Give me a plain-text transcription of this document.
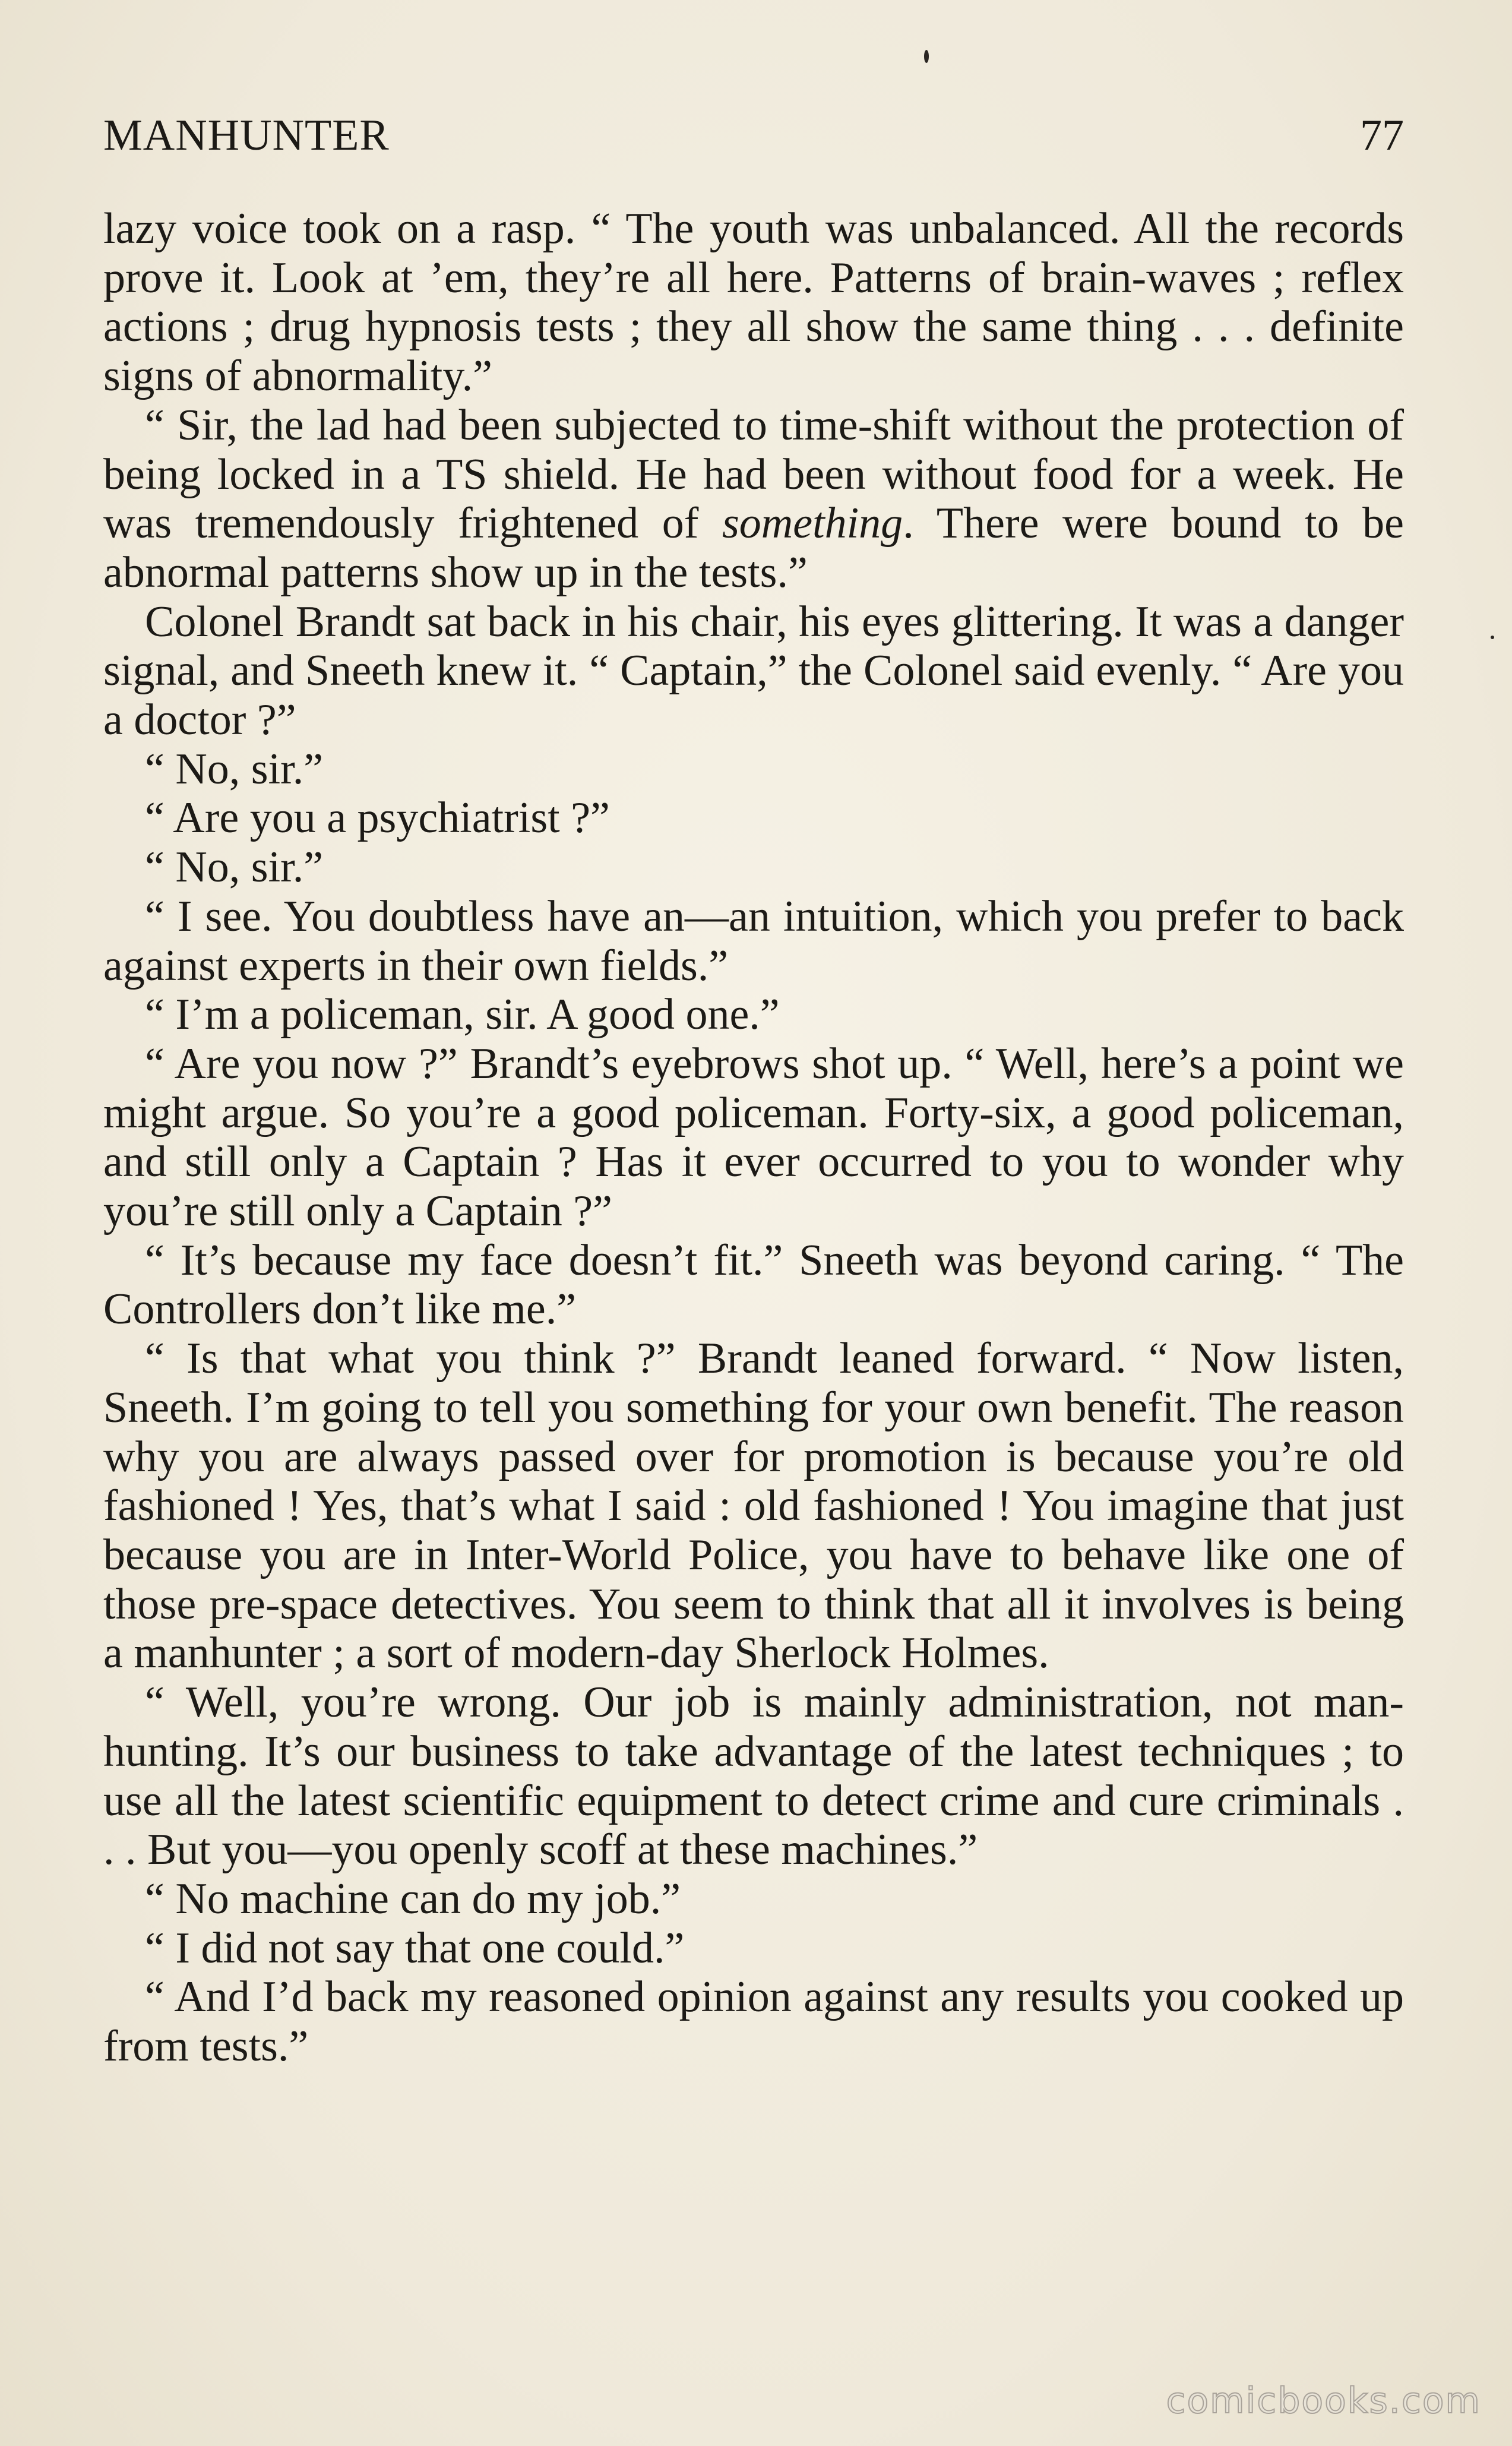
MANHUNTER	77

lazy voice took on a rasp. “ The youth was unbalanced. All the records prove it. Look at ’em, they’re all here. Patterns of brain-waves ; reflex actions ; drug hypnosis tests ; they all show the same thing . . . definite signs of abnormality.”

“ Sir, the lad had been subjected to time-shift without the protection of being locked in a TS shield. He had been without food for a week. He was tremendously frightened of something. There were bound to be abnormal patterns show up in the tests.”

Colonel Brandt sat back in his chair, his eyes glittering. It was a danger signal, and Sneeth knew it. “ Captain,” the Colonel said evenly. “ Are you a doctor ?”

“ No, sir.”

“ Are you a psychiatrist ?”

“ No, sir.”

“ I see. You doubtless have an—an intuition, which you prefer to back against experts in their own fields.”

“ I’m a policeman, sir. A good one.”

“ Are you now ?” Brandt’s eyebrows shot up. “ Well, here’s a point we might argue. So you’re a good policeman. Forty-six, a good policeman, and still only a Captain ? Has it ever occurred to you to wonder why you’re still only a Captain ?”

“ It’s because my face doesn’t fit.” Sneeth was beyond caring. “ The Controllers don’t like me.”

“ Is that what you think ?” Brandt leaned forward. “ Now listen, Sneeth. I’m going to tell you something for your own benefit. The reason why you are always passed over for promotion is because you’re old fashioned ! Yes, that’s what I said : old fashioned ! You imagine that just because you are in Inter-World Police, you have to behave like one of those pre-space detectives. You seem to think that all it involves is being a manhunter ; a sort of modern-day Sherlock Holmes.

“ Well, you’re wrong. Our job is mainly administration, not man-hunting. It’s our business to take advantage of the latest techniques ; to use all the latest scientific equipment to detect crime and cure criminals . . . But you—you openly scoff at these machines.”

“ No machine can do my job.”

“ I did not say that one could.”

“ And I’d back my reasoned opinion against any results you cooked up from tests.”

comicbooks.com
